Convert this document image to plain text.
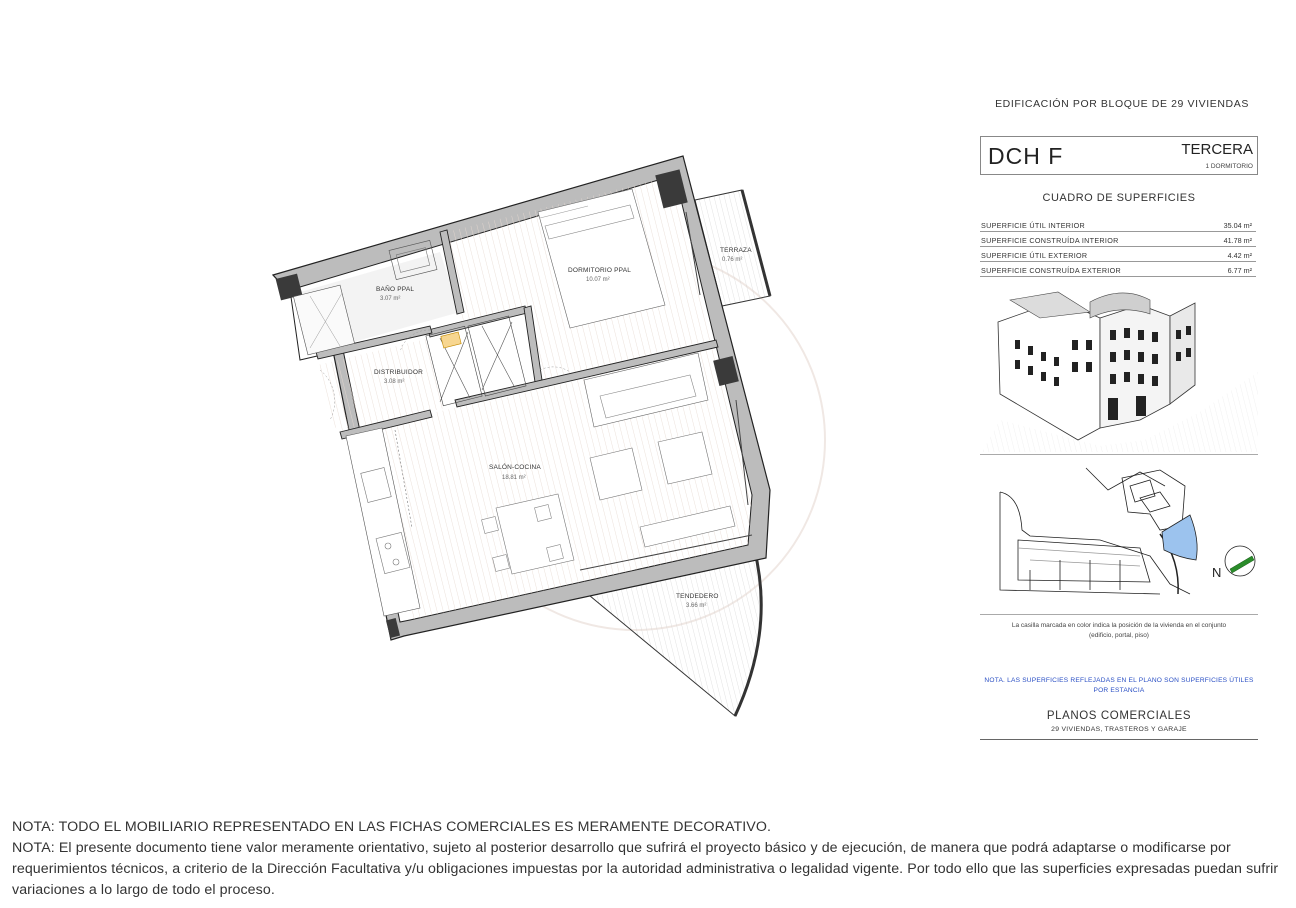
BAÑO PPAL
3.07 m²
DORMITORIO PPAL
10.07 m²
TERRAZA
0.76 m²
DISTRIBUIDOR
3.08 m²
SALÓN-COCINA
18.81 m²
TENDEDERO
3.66 m²
N
EDIFICACIÓN POR BLOQUE DE 29 VIVIENDAS
DCH F	TERCERA
1 DORMITORIO
CUADRO DE SUPERFICIES
SUPERFICIE ÚTIL INTERIOR	35.04 m²
SUPERFICIE CONSTRUÍDA INTERIOR	41.78 m²
SUPERFICIE ÚTIL EXTERIOR	4.42 m²
SUPERFICIE CONSTRUÍDA EXTERIOR	6.77 m²
La casilla marcada en color indica la posición de la vivienda en el conjunto
(edificio, portal, piso)
NOTA. LAS SUPERFICIES REFLEJADAS EN EL PLANO SON SUPERFICIES ÚTILES
POR ESTANCIA
PLANOS COMERCIALES
29 VIVIENDAS, TRASTEROS Y GARAJE

NOTA: TODO EL MOBILIARIO REPRESENTADO EN LAS FICHAS COMERCIALES ES MERAMENTE DECORATIVO.

NOTA: El presente documento tiene valor meramente orientativo, sujeto al posterior desarrollo que sufrirá el proyecto básico y de ejecución, de manera que podrá adaptarse o modificarse por requerimientos técnicos, a criterio de la Dirección Facultativa y/u obligaciones impuestas por la autoridad administrativa o legalidad vigente. Por todo ello que las superficies expresadas puedan sufrir variaciones a lo largo de todo el proceso.
